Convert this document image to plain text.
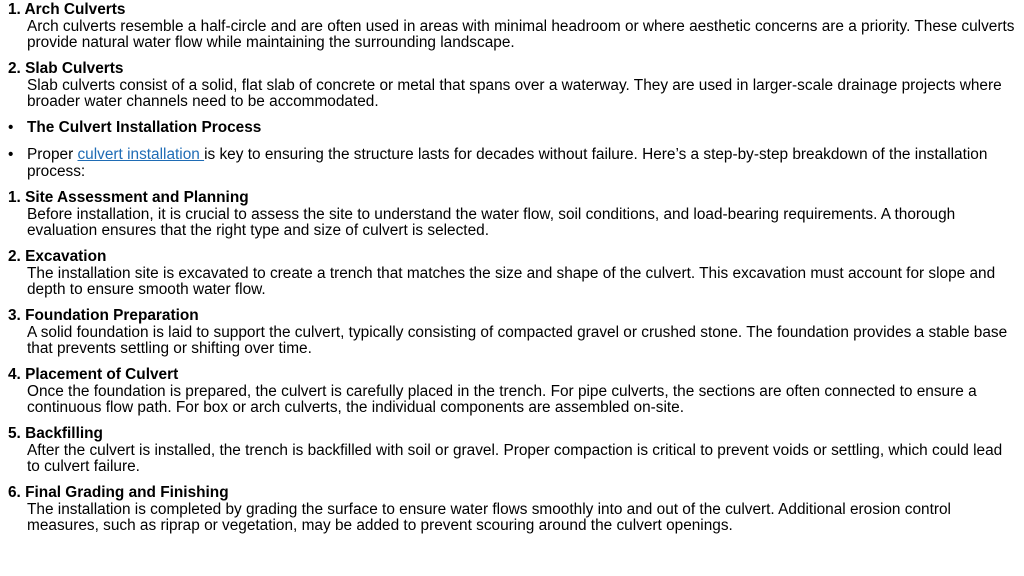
1. Arch Culverts
Arch culverts resemble a half-circle and are often used in areas with minimal headroom or where aesthetic concerns are a priority. These culverts provide natural water flow while maintaining the surrounding landscape.
2. Slab Culverts
Slab culverts consist of a solid, flat slab of concrete or metal that spans over a waterway. They are used in larger-scale drainage projects where broader water channels need to be accommodated.
• The Culvert Installation Process
• Proper culvert installation is key to ensuring the structure lasts for decades without failure. Here’s a step-by-step breakdown of the installation process:
1. Site Assessment and Planning
Before installation, it is crucial to assess the site to understand the water flow, soil conditions, and load-bearing requirements. A thorough evaluation ensures that the right type and size of culvert is selected.
2. Excavation
The installation site is excavated to create a trench that matches the size and shape of the culvert. This excavation must account for slope and depth to ensure smooth water flow.
3. Foundation Preparation
A solid foundation is laid to support the culvert, typically consisting of compacted gravel or crushed stone. The foundation provides a stable base that prevents settling or shifting over time.
4. Placement of Culvert
Once the foundation is prepared, the culvert is carefully placed in the trench. For pipe culverts, the sections are often connected to ensure a continuous flow path. For box or arch culverts, the individual components are assembled on-site.
5. Backfilling
After the culvert is installed, the trench is backfilled with soil or gravel. Proper compaction is critical to prevent voids or settling, which could lead to culvert failure.
6. Final Grading and Finishing
The installation is completed by grading the surface to ensure water flows smoothly into and out of the culvert. Additional erosion control measures, such as riprap or vegetation, may be added to prevent scouring around the culvert openings.
